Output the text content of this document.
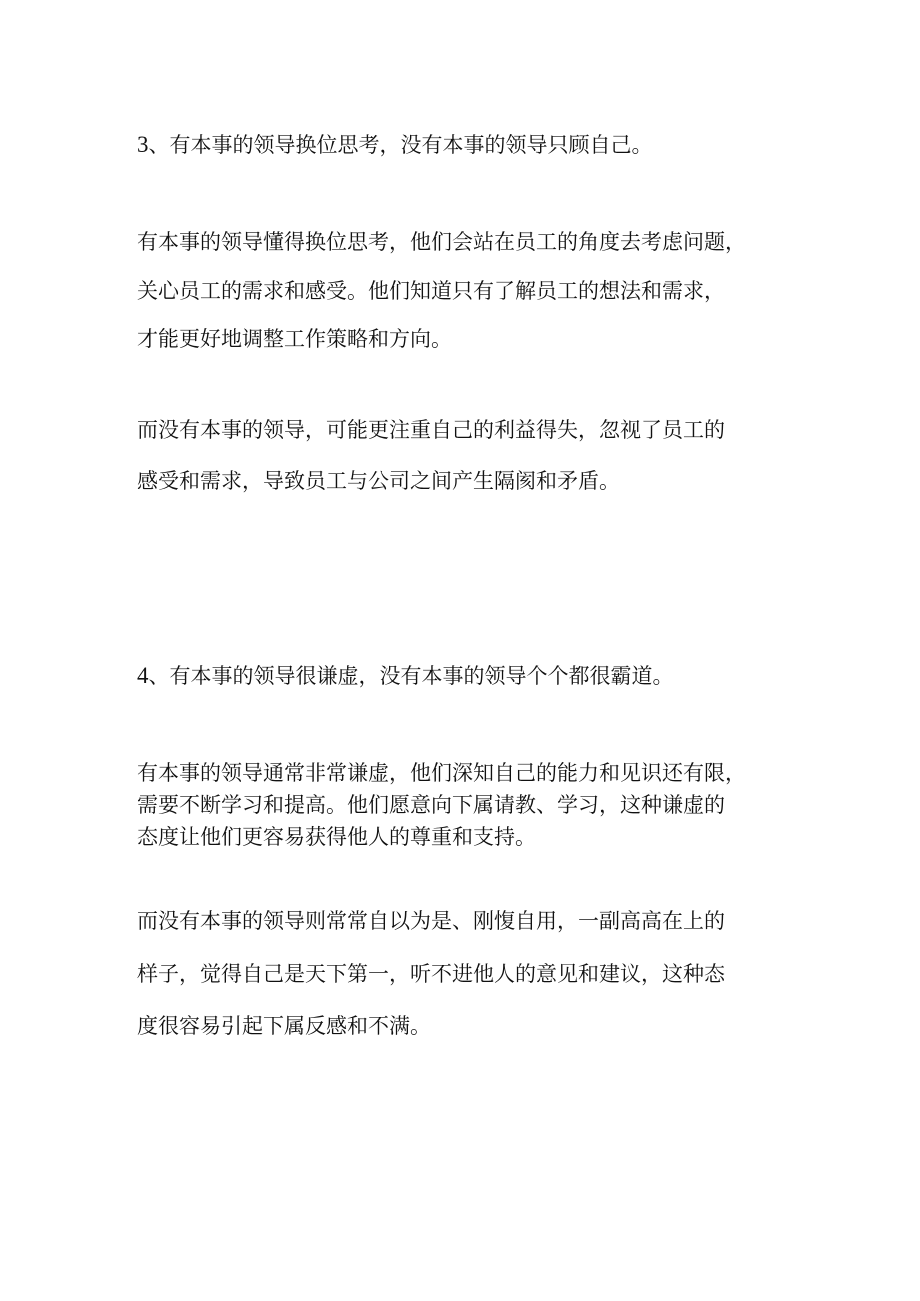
3、有本事的领导换位思考，没有本事的领导只顾自己。

有本事的领导懂得换位思考，他们会站在员工的角度去考虑问题，

关心员工的需求和感受。他们知道只有了解员工的想法和需求，

才能更好地调整工作策略和方向。

而没有本事的领导，可能更注重自己的利益得失，忽视了员工的

感受和需求，导致员工与公司之间产生隔阂和矛盾。

4、有本事的领导很谦虚，没有本事的领导个个都很霸道。

有本事的领导通常非常谦虚，他们深知自己的能力和见识还有限，

需要不断学习和提高。他们愿意向下属请教、学习，这种谦虚的

态度让他们更容易获得他人的尊重和支持。

而没有本事的领导则常常自以为是、刚愎自用，一副高高在上的

样子，觉得自己是天下第一，听不进他人的意见和建议，这种态

度很容易引起下属反感和不满。
